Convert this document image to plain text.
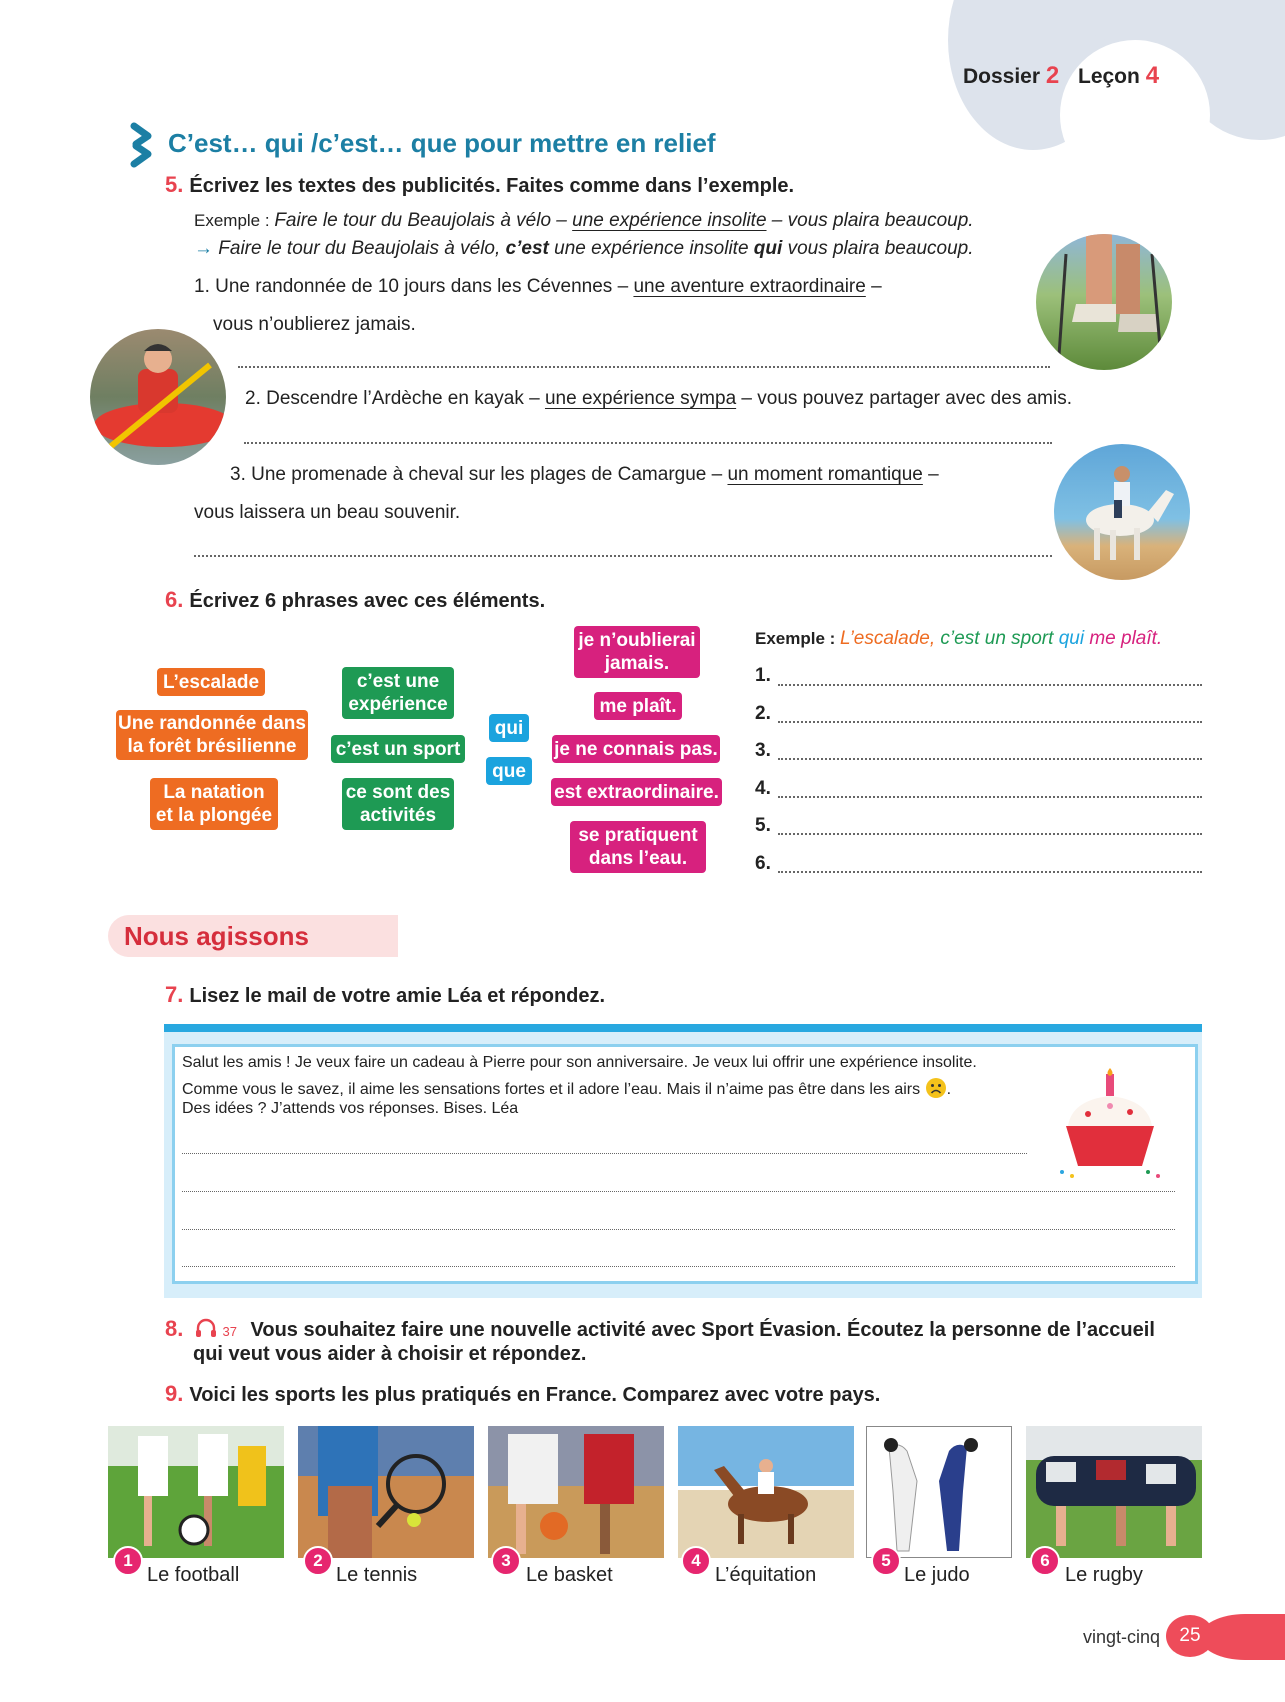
Dossier 2 Leçon 4
C’est… qui /c’est… que pour mettre en relief
5. Écrivez les textes des publicités. Faites comme dans l’exemple.
Exemple : Faire le tour du Beaujolais à vélo – une expérience insolite – vous plaira beaucoup.
→ Faire le tour du Beaujolais à vélo, c’est une expérience insolite qui vous plaira beaucoup.
1. Une randonnée de 10 jours dans les Cévennes – une aventure extraordinaire –
vous n’oublierez jamais.
2. Descendre l’Ardèche en kayak – une expérience sympa – vous pouvez partager avec des amis.
3. Une promenade à cheval sur les plages de Camargue – un moment romantique –
vous laissera un beau souvenir.
6. Écrivez 6 phrases avec ces éléments.
L’escalade
Une randonnée dans
la forêt brésilienne
La natation
et la plongée
c’est une
expérience
c’est un sport
ce sont des
activités
qui
que
je n’oublierai
jamais.
me plaît.
je ne connais pas.
est extraordinaire.
se pratiquent
dans l’eau.
Exemple : L’escalade, c’est un sport qui me plaît.
1.
2.
3.
4.
5.
6.
Nous agissons
7. Lisez le mail de votre amie Léa et répondez.
Salut les amis ! Je veux faire un cadeau à Pierre pour son anniversaire. Je veux lui offrir une expérience insolite.
Comme vous le savez, il aime les sensations fortes et il adore l’eau. Mais il n’aime pas être dans les airs .
Des idées ? J’attends vos réponses. Bises. Léa
8.	37 Vous souhaitez faire une nouvelle activité avec Sport Évasion. Écoutez la personne de l’accueil
qui veut vous aider à choisir et répondez.
9. Voici les sports les plus pratiqués en France. Comparez avec votre pays.
1
Le football
2
Le tennis
3
Le basket
4
L’équitation
5
Le judo
6
Le rugby
vingt-cinq	25
